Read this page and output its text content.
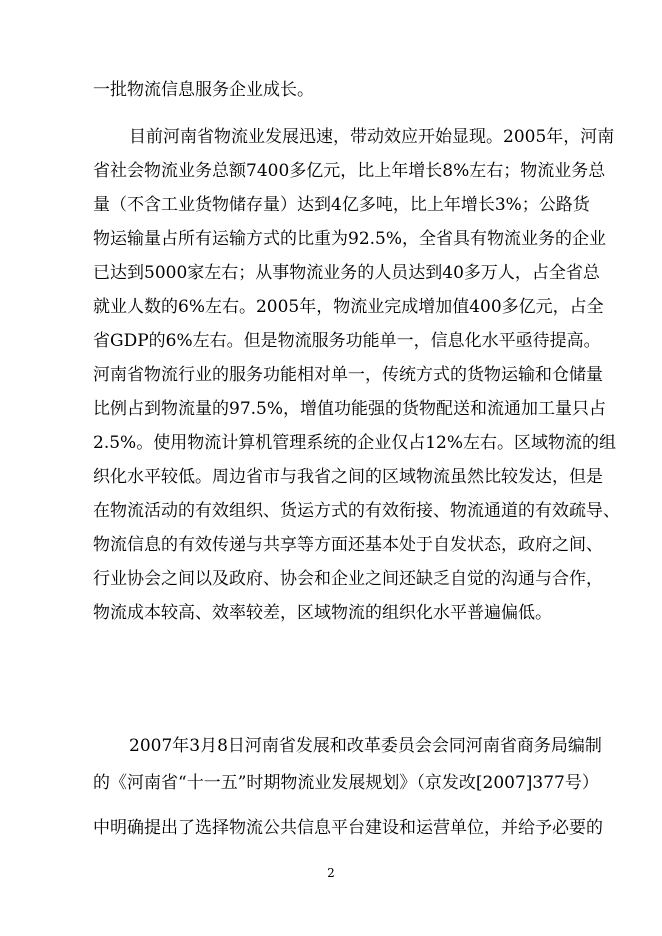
一批物流信息服务企业成长。
目前河南省物流业发展迅速，带动效应开始显现。2005年，河南
省社会物流业务总额7400多亿元，比上年增长8%左右；物流业务总
量（不含工业货物储存量）达到4亿多吨，比上年增长3%；公路货
物运输量占所有运输方式的比重为92.5%，全省具有物流业务的企业
已达到5000家左右；从事物流业务的人员达到40多万人，占全省总
就业人数的6%左右。2005年，物流业完成增加值400多亿元，占全
省GDP的6%左右。但是物流服务功能单一，信息化水平亟待提高。
河南省物流行业的服务功能相对单一，传统方式的货物运输和仓储量
比例占到物流量的97.5%，增值功能强的货物配送和流通加工量只占
2.5%。使用物流计算机管理系统的企业仅占12%左右。区域物流的组
织化水平较低。周边省市与我省之间的区域物流虽然比较发达，但是
在物流活动的有效组织、货运方式的有效衔接、物流通道的有效疏导、
物流信息的有效传递与共享等方面还基本处于自发状态，政府之间、
行业协会之间以及政府、协会和企业之间还缺乏自觉的沟通与合作，
物流成本较高、效率较差，区域物流的组织化水平普遍偏低。
2007年3月8日河南省发展和改革委员会会同河南省商务局编制
的《河南省“十一五”时期物流业发展规划》（京发改[2007]377号）
中明确提出了选择物流公共信息平台建设和运营单位，并给予必要的
2
